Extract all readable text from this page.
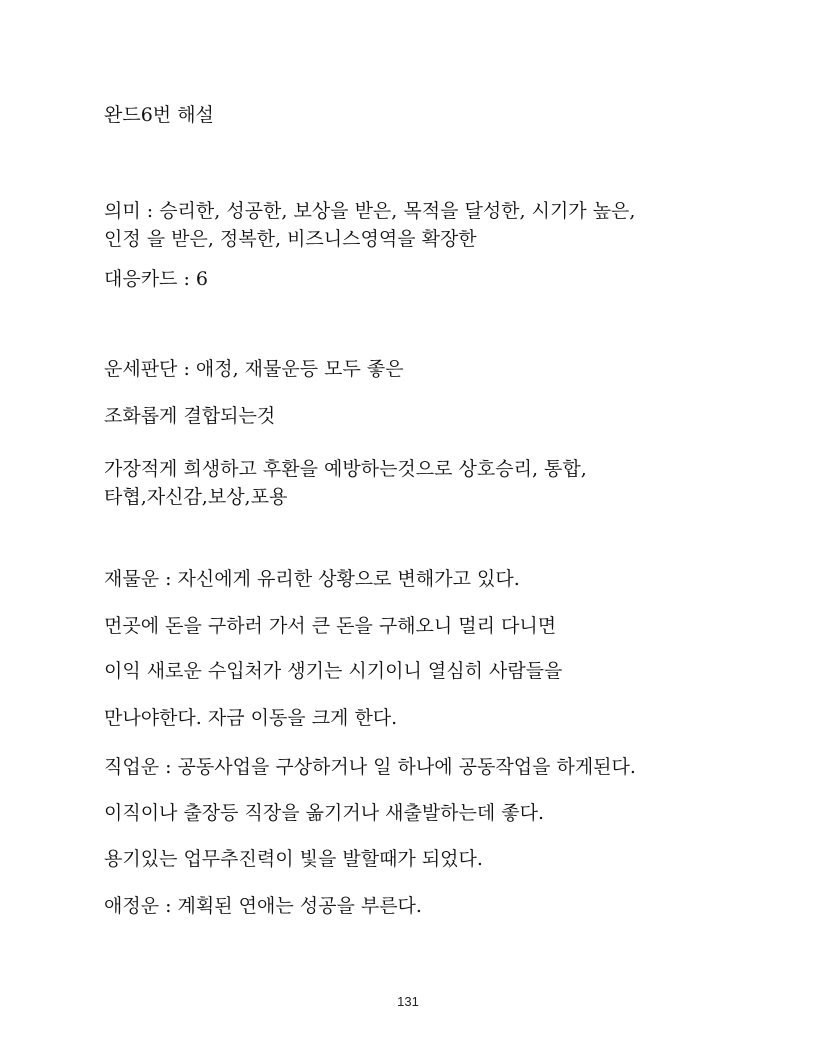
완드6번 해설

의미 : 승리한, 성공한, 보상을 받은, 목적을 달성한, 시기가 높은,

인정 을 받은, 정복한, 비즈니스영역을 확장한

대응카드 : 6

운세판단 : 애정, 재물운등 모두 좋은

조화롭게 결합되는것

가장적게 희생하고 후환을 예방하는것으로 상호승리, 통합,

타협,자신감,보상,포용

재물운 : 자신에게 유리한 상황으로 변해가고 있다.

먼곳에 돈을 구하러 가서 큰 돈을 구해오니 멀리 다니면

이익 새로운 수입처가 생기는 시기이니 열심히 사람들을

만나야한다. 자금 이동을 크게 한다.

직업운 : 공동사업을 구상하거나 일 하나에 공동작업을 하게된다.

이직이나 출장등 직장을 옮기거나 새출발하는데 좋다.

용기있는 업무추진력이 빛을 발할때가 되었다.

애정운 : 계획된 연애는 성공을 부른다.

131
